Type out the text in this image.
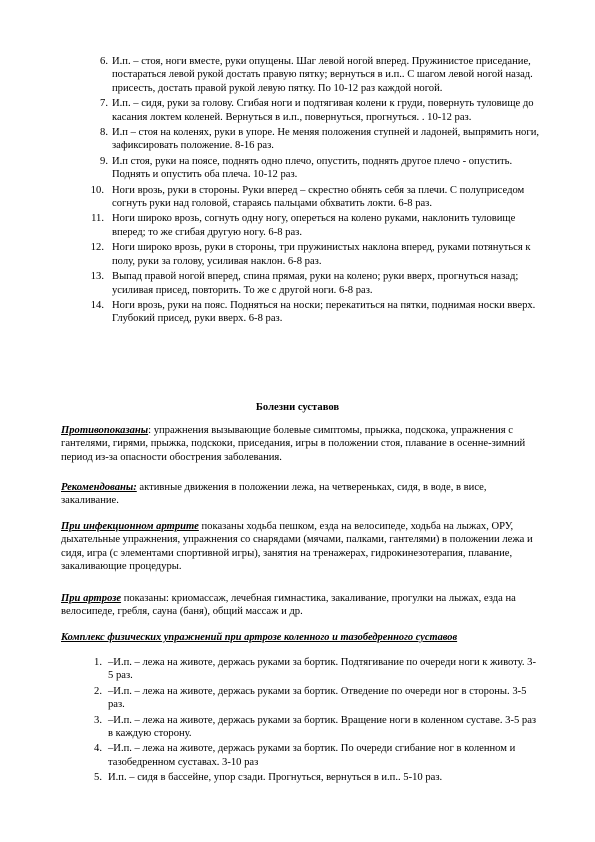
6. И.п. – стоя, ноги вместе, руки опущены. Шаг левой ногой вперед. Пружинистое приседание, постараться левой рукой достать правую пятку; вернуться в и.п.. С шагом левой ногой назад. присесть, достать правой рукой левую пятку. По 10-12 раз каждой ногой.
7. И.п. – сидя, руки за голову. Сгибая ноги и подтягивая колени к груди, повернуть туловище до касания локтем коленей. Вернуться в и.п., повернуться, прогнуться. . 10-12 раз.
8. И.п – стоя на коленях, руки в упоре. Не меняя положения ступней и ладоней, выпрямить ноги, зафиксировать положение. 8-16 раз.
9. И.п стоя, руки на поясе, поднять одно плечо, опустить, поднять другое плечо - опустить. Поднять и опустить оба плеча. 10-12 раз.
10. Ноги врозь, руки в стороны. Руки вперед – скрестно обнять себя за плечи. С полуприседом согнуть руки над головой, стараясь пальцами обхватить локти. 6-8 раз.
11. Ноги широко врозь, согнуть одну ногу, опереться на колено руками, наклонить туловище вперед; то же сгибая другую ногу. 6-8 раз.
12. Ноги широко врозь, руки в стороны, три пружинистых наклона вперед, руками потянуться к полу, руки за голову, усиливая наклон. 6-8 раз.
13. Выпад правой ногой вперед, спина прямая, руки на колено; руки вверх, прогнуться назад; усиливая присед, повторить. То же с другой ноги. 6-8 раз.
14. Ноги врозь, руки на пояс. Подняться на носки; перекатиться на пятки, поднимая носки вверх. Глубокий присед, руки вверх. 6-8 раз.
Болезни суставов

Противопоказаны: упражнения вызывающие болевые симптомы, прыжка, подскока, упражнения с гантелями, гирями, прыжка, подскоки, приседания, игры в положении стоя, плавание в осенне-зимний период из-за опасности обострения заболевания.

Рекомендованы: активные движения в положении лежа, на четвереньках, сидя, в воде, в висе, закаливание.

При инфекционном артрите показаны ходьба пешком, езда на велосипеде, ходьба на лыжах, ОРУ, дыхательные упражнения, упражнения со снарядами (мячами, палками, гантелями) в положении лежа и сидя, игра (с элементами спортивной игры), занятия на тренажерах, гидрокинезотерапия, плавание, закаливающие процедуры.

При артрозе показаны: криомассаж, лечебная гимнастика, закаливание, прогулки на лыжах, езда на велосипеде, гребля, сауна (баня), общий массаж и др.

Комплекс физических упражнений при артрозе коленного и тазобедренного суставов
1. –И.п. – лежа на животе, держась руками за бортик. Подтягивание по очереди ноги к животу. 3-5 раз.
2. –И.п. – лежа на животе, держась руками за бортик. Отведение по очереди ног в стороны. 3-5 раз.
3. –И.п. – лежа на животе, держась руками за бортик. Вращение ноги в коленном суставе. 3-5 раз в каждую сторону.
4. –И.п. – лежа на животе, держась руками за бортик. По очереди сгибание ног в коленном и тазобедренном суставах. 3-10 раз
5. И.п. – сидя в бассейне, упор сзади. Прогнуться, вернуться в и.п.. 5-10 раз.
